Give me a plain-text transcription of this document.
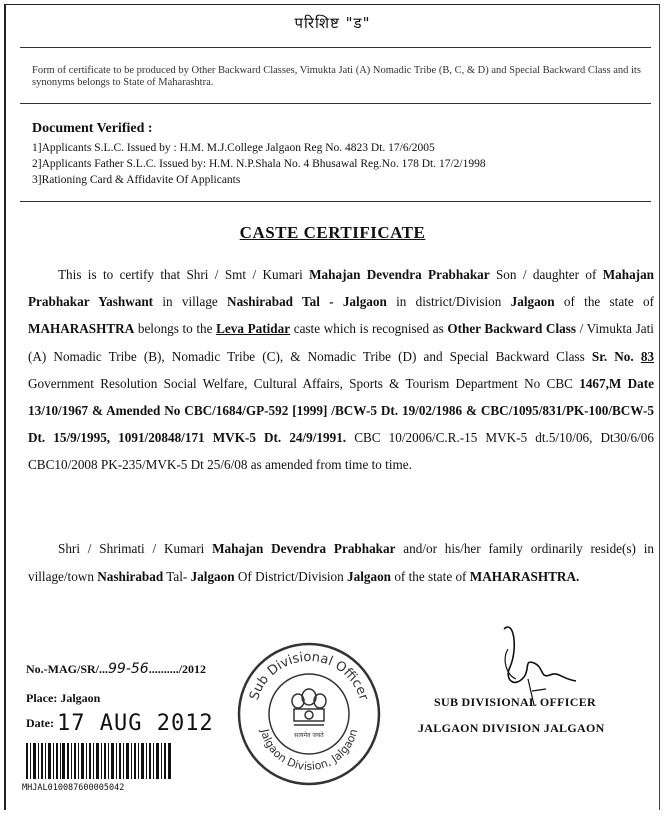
परिशिष्ट "ड"
Form of certificate to be produced by Other Backward Classes, Vimukta Jati (A) Nomadic Tribe (B, C, & D) and Special Backward Class and its synonyms belongs to State of Maharashtra.
Document Verified :
1]Applicants S.L.C. Issued by : H.M. M.J.College Jalgaon Reg No. 4823 Dt. 17/6/2005
2]Applicants Father S.L.C. Issued by: H.M. N.P.Shala No. 4 Bhusawal Reg.No. 178 Dt. 17/2/1998
3]Rationing Card & Affidavite Of Applicants
CASTE CERTIFICATE
This is to certify that Shri / Smt / Kumari Mahajan Devendra Prabhakar Son / daughter of Mahajan Prabhakar Yashwant in village Nashirabad Tal - Jalgaon in district/Division Jalgaon of the state of MAHARASHTRA belongs to the Leva Patidar caste which is recognised as Other Backward Class / Vimukta Jati (A) Nomadic Tribe (B), Nomadic Tribe (C), & Nomadic Tribe (D) and Special Backward Class Sr. No. 83 Government Resolution Social Welfare, Cultural Affairs, Sports & Tourism Department No CBC 1467,M Date 13/10/1967 & Amended No CBC/1684/GP-592 [1999] /BCW-5 Dt. 19/02/1986 & CBC/1095/831/PK-100/BCW-5 Dt. 15/9/1995, 1091/20848/171 MVK-5 Dt. 24/9/1991. CBC 10/2006/C.R.-15 MVK-5 dt.5/10/06, Dt30/6/06 CBC10/2008 PK-235/MVK-5 Dt 25/6/08 as amended from time to time.
Shri / Shrimati / Kumari Mahajan Devendra Prabhakar and/or his/her family ordinarily reside(s) in village/town Nashirabad Tal- Jalgaon Of District/Division Jalgaon of the state of MAHARASHTRA.
No.-MAG/SR/...99-56........../2012
Place: Jalgaon
Date: 17 AUG 2012
MHJAL010087600005042
Sub Divisional Officer
Jalgaon Division, Jalgaon
सत्यमेव जयते
SUB DIVISIONAL OFFICER
JALGAON DIVISION JALGAON
